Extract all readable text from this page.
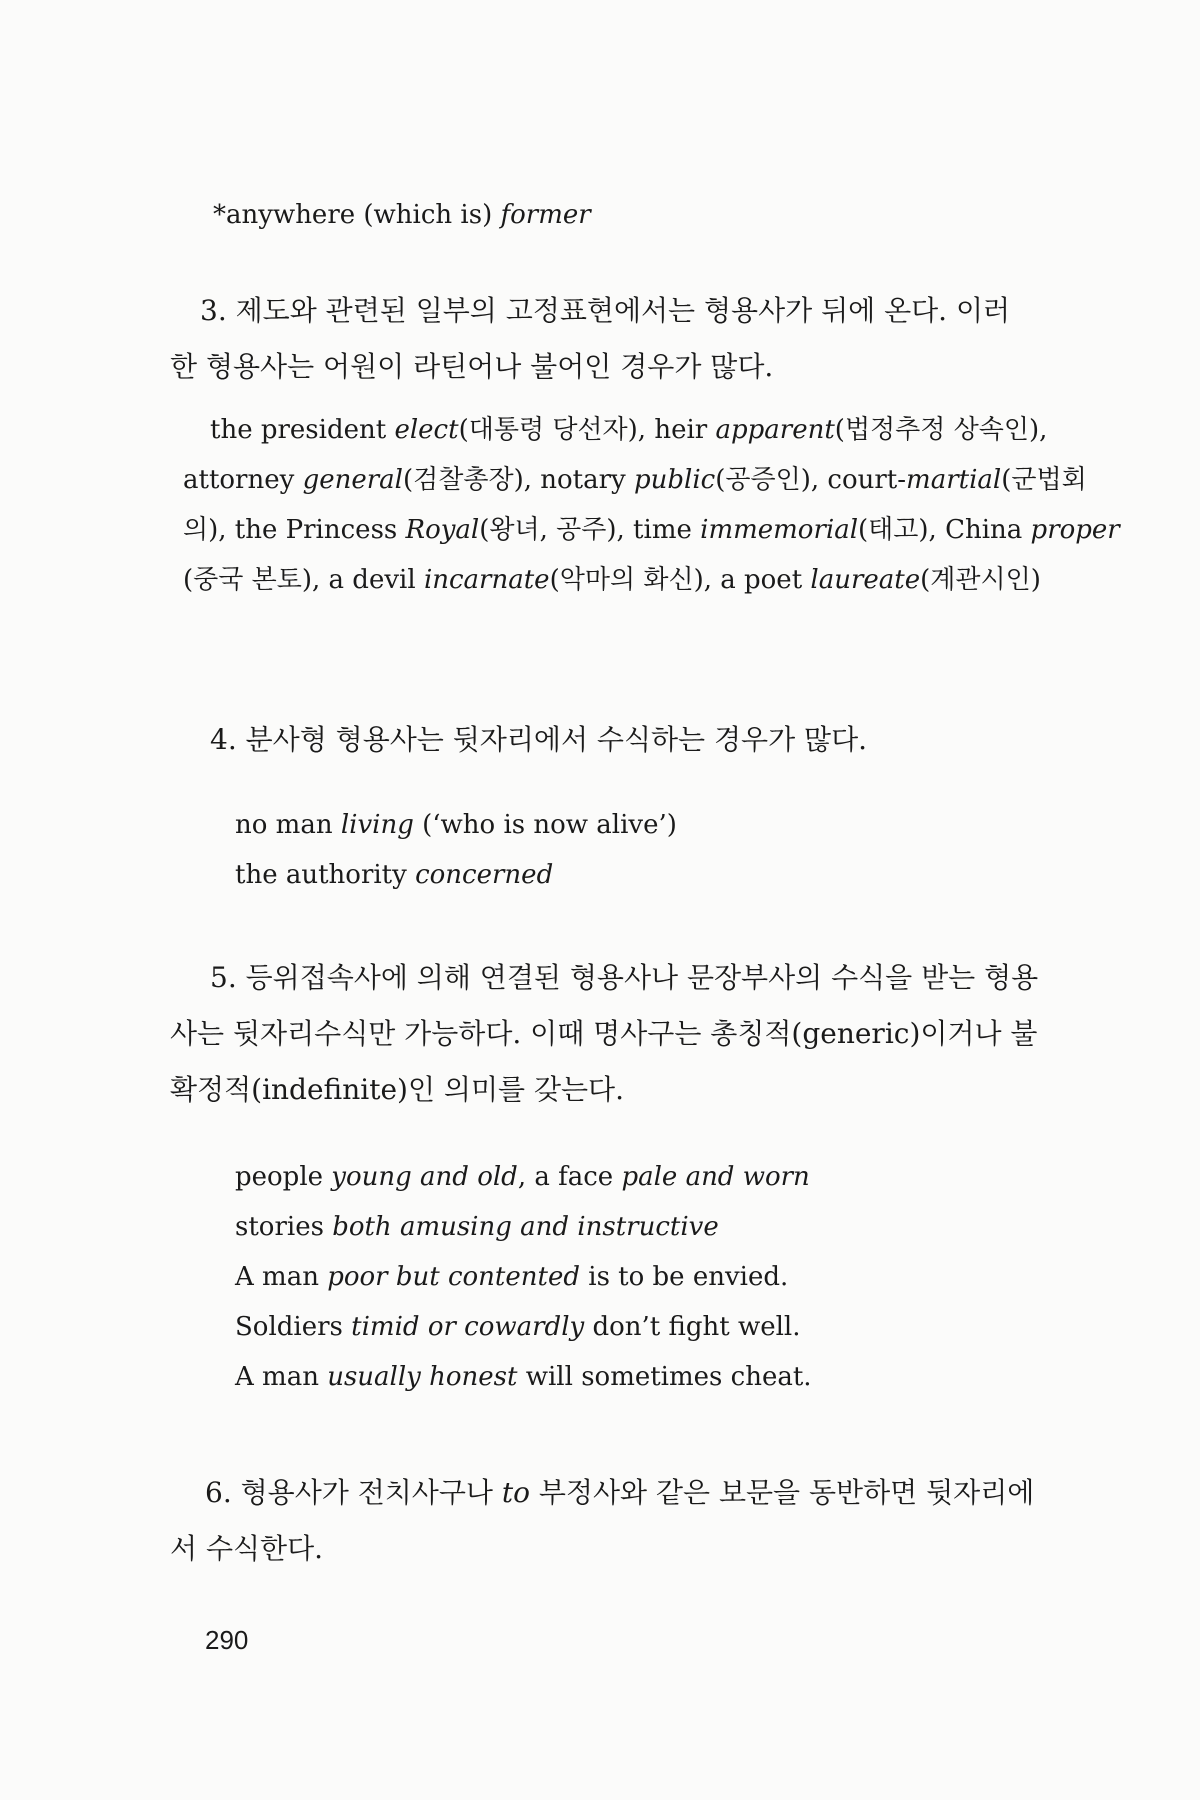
*anywhere (which is) former
3. 제도와 관련된 일부의 고정표현에서는 형용사가 뒤에 온다. 이러
한 형용사는 어원이 라틴어나 불어인 경우가 많다.
the president elect(대통령 당선자), heir apparent(법정추정 상속인),
attorney general(검찰총장), notary public(공증인), court-martial(군법회
의), the Princess Royal(왕녀, 공주), time immemorial(태고), China proper
(중국 본토), a devil incarnate(악마의 화신), a poet laureate(계관시인)
4. 분사형 형용사는 뒷자리에서 수식하는 경우가 많다.
no man living (‘who is now alive’)
the authority concerned
5. 등위접속사에 의해 연결된 형용사나 문장부사의 수식을 받는 형용
사는 뒷자리수식만 가능하다. 이때 명사구는 총칭적(generic)이거나 불
확정적(indefinite)인 의미를 갖는다.
people young and old, a face pale and worn
stories both amusing and instructive
A man poor but contented is to be envied.
Soldiers timid or cowardly don’t fight well.
A man usually honest will sometimes cheat.
6. 형용사가 전치사구나 to 부정사와 같은 보문을 동반하면 뒷자리에
서 수식한다.
290
